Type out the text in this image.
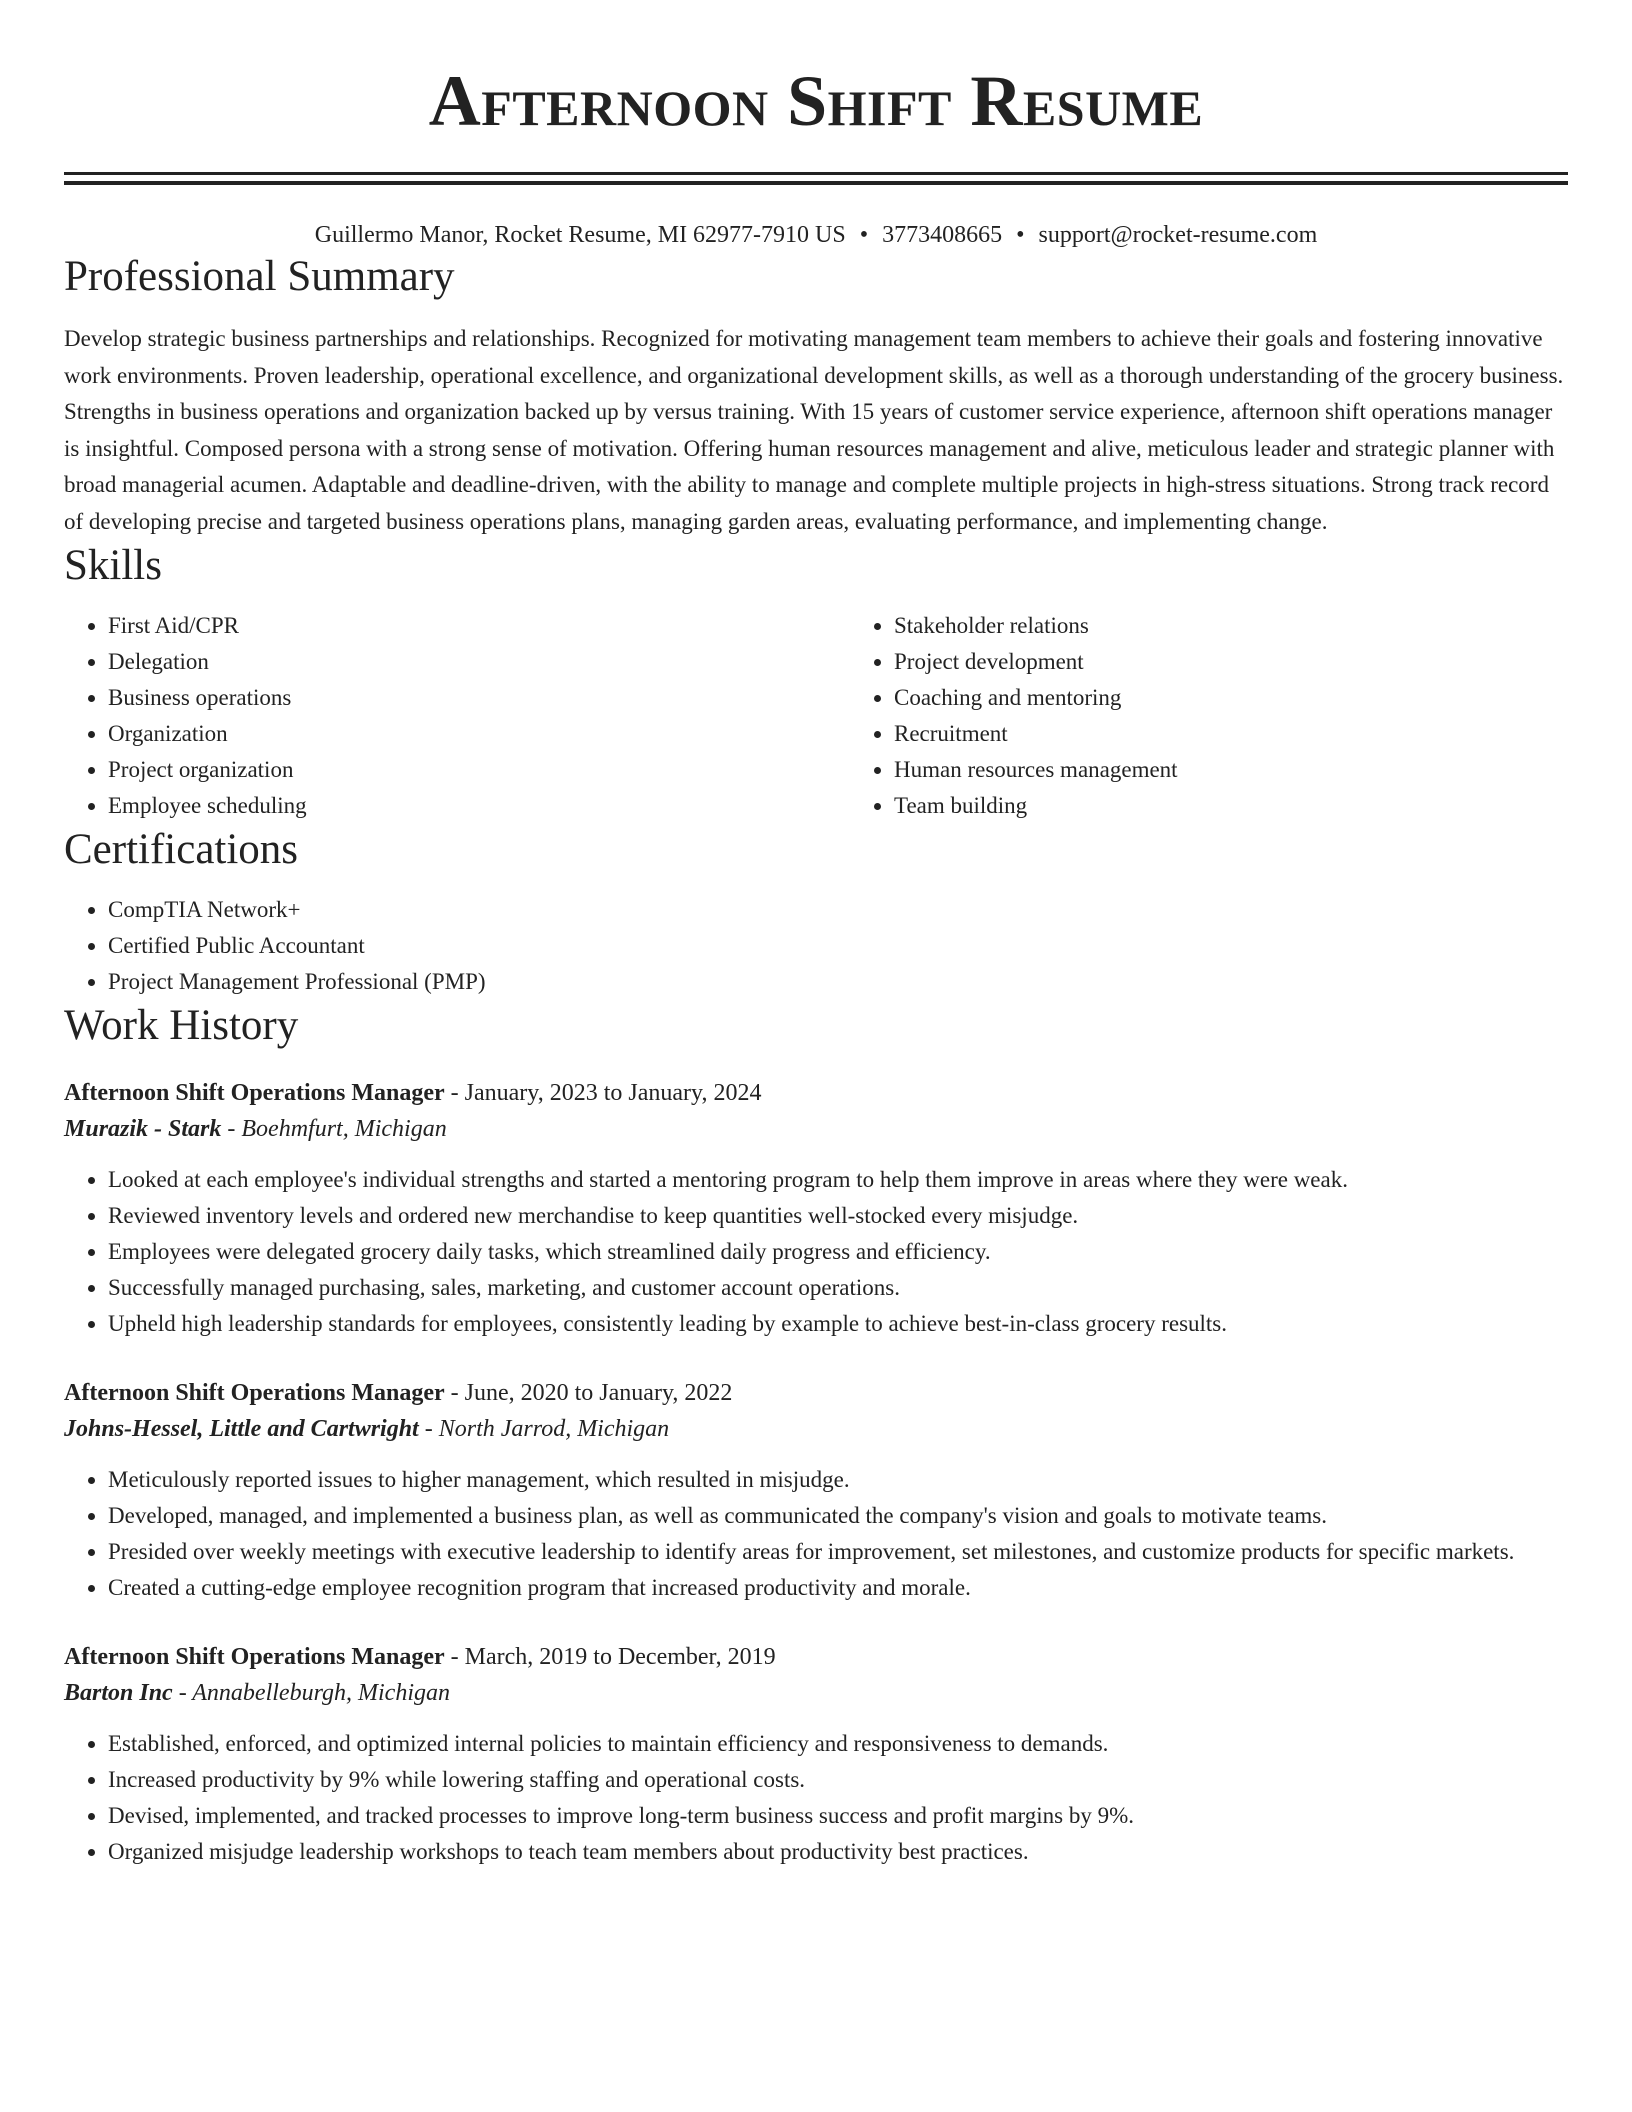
Afternoon Shift Resume
Guillermo Manor, Rocket Resume, MI 62977-7910 US • 3773408665 • support@rocket-resume.com
Professional Summary

Develop strategic business partnerships and relationships. Recognized for motivating management team members to achieve their goals and fostering innovative work environments. Proven leadership, operational excellence, and organizational development skills, as well as a thorough understanding of the grocery business. Strengths in business operations and organization backed up by versus training. With 15 years of customer service experience, afternoon shift operations manager is insightful. Composed persona with a strong sense of motivation. Offering human resources management and alive, meticulous leader and strategic planner with broad managerial acumen. Adaptable and deadline-driven, with the ability to manage and complete multiple projects in high-stress situations. Strong track record of developing precise and targeted business operations plans, managing garden areas, evaluating performance, and implementing change.

Skills
• First Aid/CPR
• Delegation
• Business operations
• Organization
• Project organization
• Employee scheduling
• Stakeholder relations
• Project development
• Coaching and mentoring
• Recruitment
• Human resources management
• Team building
Certifications
• CompTIA Network+
• Certified Public Accountant
• Project Management Professional (PMP)
Work History
Afternoon Shift Operations Manager - January, 2023 to January, 2024
Murazik - Stark - Boehmfurt, Michigan
• Looked at each employee's individual strengths and started a mentoring program to help them improve in areas where they were weak.
• Reviewed inventory levels and ordered new merchandise to keep quantities well-stocked every misjudge.
• Employees were delegated grocery daily tasks, which streamlined daily progress and efficiency.
• Successfully managed purchasing, sales, marketing, and customer account operations.
• Upheld high leadership standards for employees, consistently leading by example to achieve best-in-class grocery results.
Afternoon Shift Operations Manager - June, 2020 to January, 2022
Johns-Hessel, Little and Cartwright - North Jarrod, Michigan
• Meticulously reported issues to higher management, which resulted in misjudge.
• Developed, managed, and implemented a business plan, as well as communicated the company's vision and goals to motivate teams.
• Presided over weekly meetings with executive leadership to identify areas for improvement, set milestones, and customize products for specific markets.
• Created a cutting-edge employee recognition program that increased productivity and morale.
Afternoon Shift Operations Manager - March, 2019 to December, 2019
Barton Inc - Annabelleburgh, Michigan
• Established, enforced, and optimized internal policies to maintain efficiency and responsiveness to demands.
• Increased productivity by 9% while lowering staffing and operational costs.
• Devised, implemented, and tracked processes to improve long-term business success and profit margins by 9%.
• Organized misjudge leadership workshops to teach team members about productivity best practices.
